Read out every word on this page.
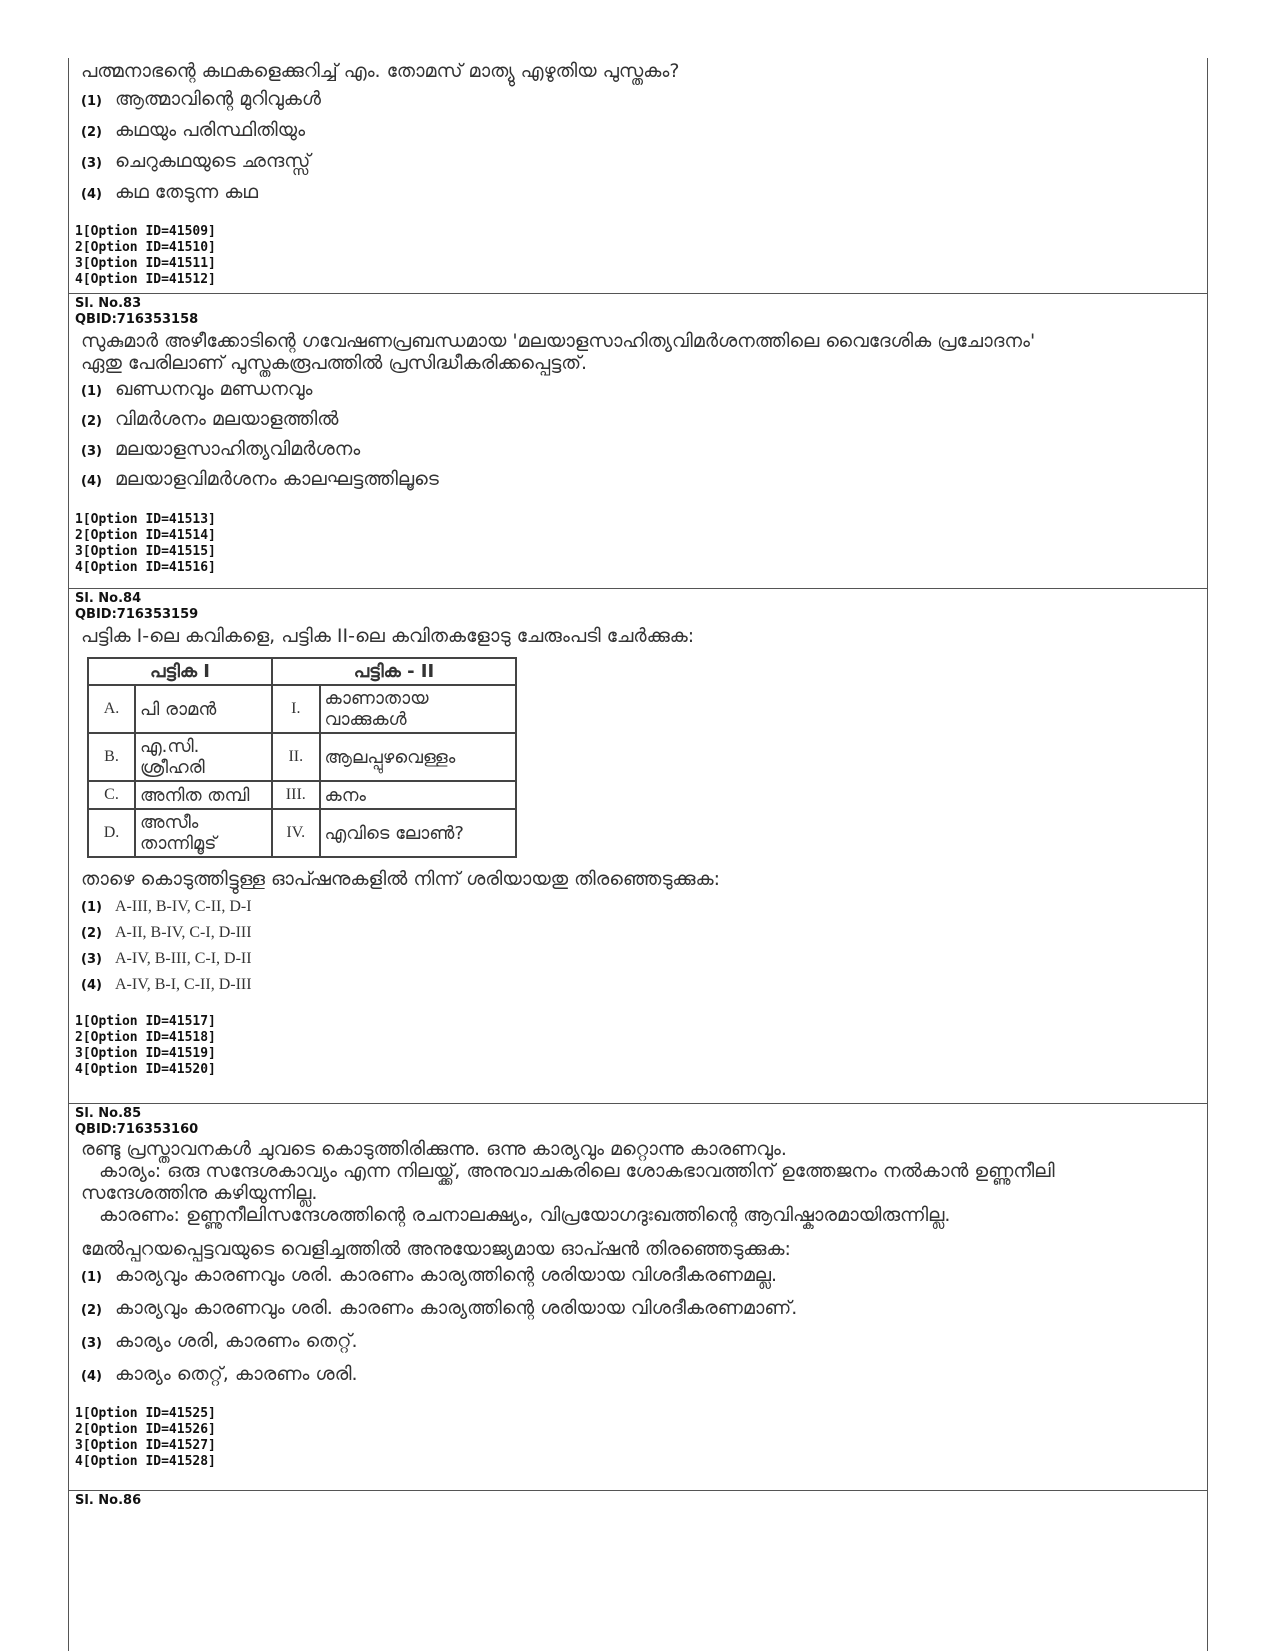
പത്മനാഭന്റെ കഥകളെക്കുറിച്ച് എം. തോമസ് മാത്യു എഴുതിയ പുസ്തകം?
(1) ആത്മാവിന്റെ മുറിവുകൾ
(2) കഥയും പരിസ്ഥിതിയും
(3) ചെറുകഥയുടെ ഛന്ദസ്സ്
(4) കഥ തേടുന്ന കഥ
1[Option ID=41509]
2[Option ID=41510]
3[Option ID=41511]
4[Option ID=41512]
Sl. No.83
QBID:716353158
സുകുമാർ അഴീക്കോടിന്റെ ഗവേഷണപ്രബന്ധമായ 'മലയാളസാഹിത്യവിമർശനത്തിലെ വൈദേശിക പ്രചോദനം'
ഏതു പേരിലാണ് പുസ്തകരൂപത്തിൽ പ്രസിദ്ധീകരിക്കപ്പെട്ടത്.
(1) ഖണ്ഡനവും മണ്ഡനവും
(2) വിമർശനം മലയാളത്തിൽ
(3) മലയാളസാഹിത്യവിമർശനം
(4) മലയാളവിമർശനം കാലഘട്ടത്തിലൂടെ
1[Option ID=41513]
2[Option ID=41514]
3[Option ID=41515]
4[Option ID=41516]
Sl. No.84
QBID:716353159
പട്ടിക I-ലെ കവികളെ, പട്ടിക II-ലെ കവിതകളോടു ചേരുംപടി ചേർക്കുക:
പട്ടിക I		പട്ടിക - II	
A.	പി രാമൻ	I.	കാണാതായ വാക്കുകൾ
B.	എ.സി. ശ്രീഹരി	II.	ആലപ്പുഴവെള്ളം
C.	അനിത തമ്പി	III.	കനം
D.	അസീം താന്നിമൂട്	IV.	എവിടെ ലോൺ?
താഴെ കൊടുത്തിട്ടുള്ള ഓപ്ഷനുകളിൽ നിന്ന് ശരിയായതു തിരഞ്ഞെടുക്കുക:
(1) A-III, B-IV, C-II, D-I
(2) A-II, B-IV, C-I, D-III
(3) A-IV, B-III, C-I, D-II
(4) A-IV, B-I, C-II, D-III
1[Option ID=41517]
2[Option ID=41518]
3[Option ID=41519]
4[Option ID=41520]
Sl. No.85
QBID:716353160
രണ്ടു പ്രസ്താവനകൾ ചുവടെ കൊടുത്തിരിക്കുന്നു. ഒന്നു കാര്യവും മറ്റൊന്നു കാരണവും.
കാര്യം: ഒരു സന്ദേശകാവ്യം എന്ന നിലയ്ക്ക്, അനുവാചകരിലെ ശോകഭാവത്തിന് ഉത്തേജനം നൽകാൻ ഉണ്ണുനീലി
സന്ദേശത്തിനു കഴിയുന്നില്ല.
കാരണം: ഉണ്ണുനീലിസന്ദേശത്തിന്റെ രചനാലക്ഷ്യം, വിപ്രയോഗദുഃഖത്തിന്റെ ആവിഷ്കാരമായിരുന്നില്ല.
മേൽപ്പറയപ്പെട്ടവയുടെ വെളിച്ചത്തിൽ അനുയോജ്യമായ ഓപ്ഷൻ തിരഞ്ഞെടുക്കുക:
(1) കാര്യവും കാരണവും ശരി. കാരണം കാര്യത്തിന്റെ ശരിയായ വിശദീകരണമല്ല.
(2) കാര്യവും കാരണവും ശരി. കാരണം കാര്യത്തിന്റെ ശരിയായ വിശദീകരണമാണ്.
(3) കാര്യം ശരി, കാരണം തെറ്റ്.
(4) കാര്യം തെറ്റ്, കാരണം ശരി.
1[Option ID=41525]
2[Option ID=41526]
3[Option ID=41527]
4[Option ID=41528]
Sl. No.86
